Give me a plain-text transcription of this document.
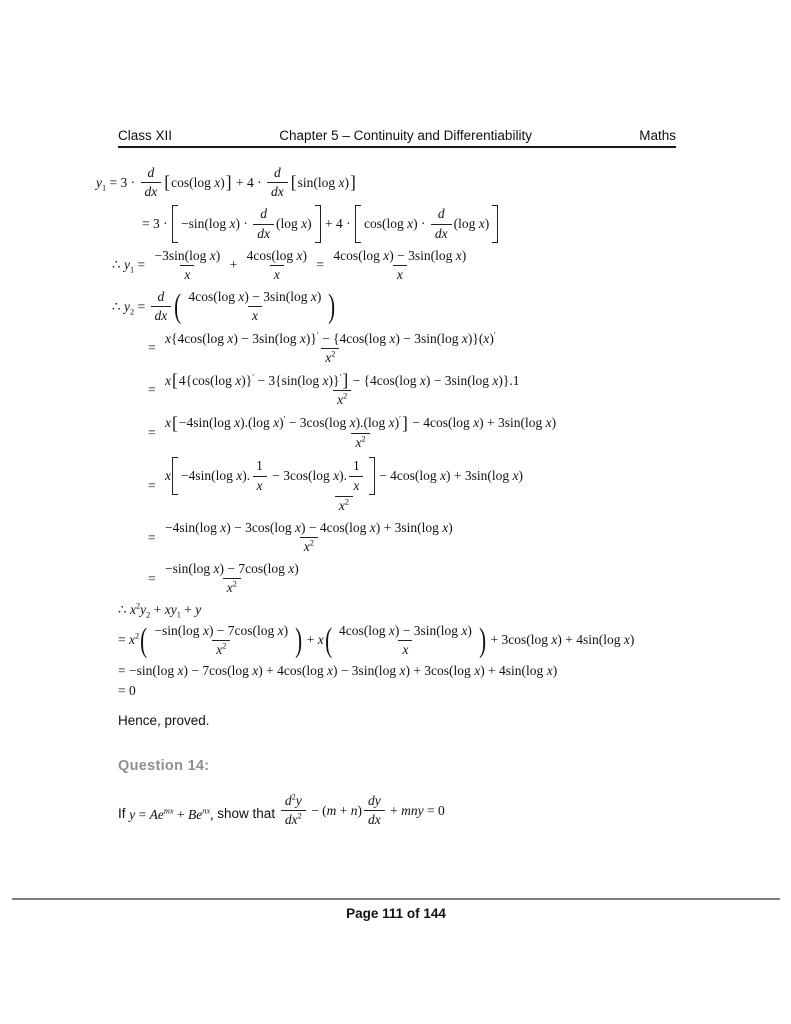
Class XII	Chapter 5 – Continuity and Differentiability	Maths
$y_1 = 3 \cdot \frac{d}{dx}$ [ cos(log x) ] + $4 \cdot \frac{d}{dx}$ [ sin(log x) ]
= 3 · −sin(log $x) \cdot \frac{d}{dx} (\log$ x) + 4 · cos(log $x) \cdot \frac{d}{dx} (\log$ x)
∴ $y_1 = \frac{\text{−3sin(log x)}}{x} + \frac{\text{4cos(log x)}}{x} = \frac{\text{4cos(log x) − 3sin(log x)}}{x}$
∴ $y_2 = \frac{d}{dx}$ ( $\frac{\text{4cos(log x) − 3sin(log x)}}{x}$ )
=
x{4cos(log x) − 3sin(log x)}′ − {4cos(log x) − 3sin(log x)}(x)′
$x^2$
=
x [ 4{cos(log x)}′ − 3{sin(log x)}′ ] − {4cos(log x) − 3sin(log x)}.1
$x^2$
=
x [ −4sin(log x).(log x)′ − 3cos(log x).(log x)′ ] − 4cos(log x) + 3sin(log x)
$x^2$
=
x −4sin(log x). $\frac{1}{x} - 3\cos(\log$ x). $\frac{1}{x} - 4\cos(\log$ x) + 3sin(log x)
$x^2$
= $\frac{\text{−4sin(log x) − 3cos(log x) − 4cos(log x) + 3sin(log x)}}{x^2}$
= $\frac{\text{−sin(log x) − 7cos(log x)}}{x^2}$
∴ $x^2y_2 + xy_1 + y$
= $x^2$ ( $\frac{\text{−sin(log x) − 7cos(log x)}}{x^2}$ ) + x ( $\frac{\text{4cos(log x) − 3sin(log x)}}{x}$ ) + 3cos(log x) + 4sin(log x)
= −sin(log x) − 7cos(log x) + 4cos(log x) − 3sin(log x) + 3cos(log x) + 4sin(log x)
= 0

Hence, proved.

Question 14:
If $y = Ae^{mx} + Be^{nx}$, show that $\frac{d^2y}{dx^2} - (m + n) \frac{dy}{dx}$ + mny = 0
Page 111 of 144
